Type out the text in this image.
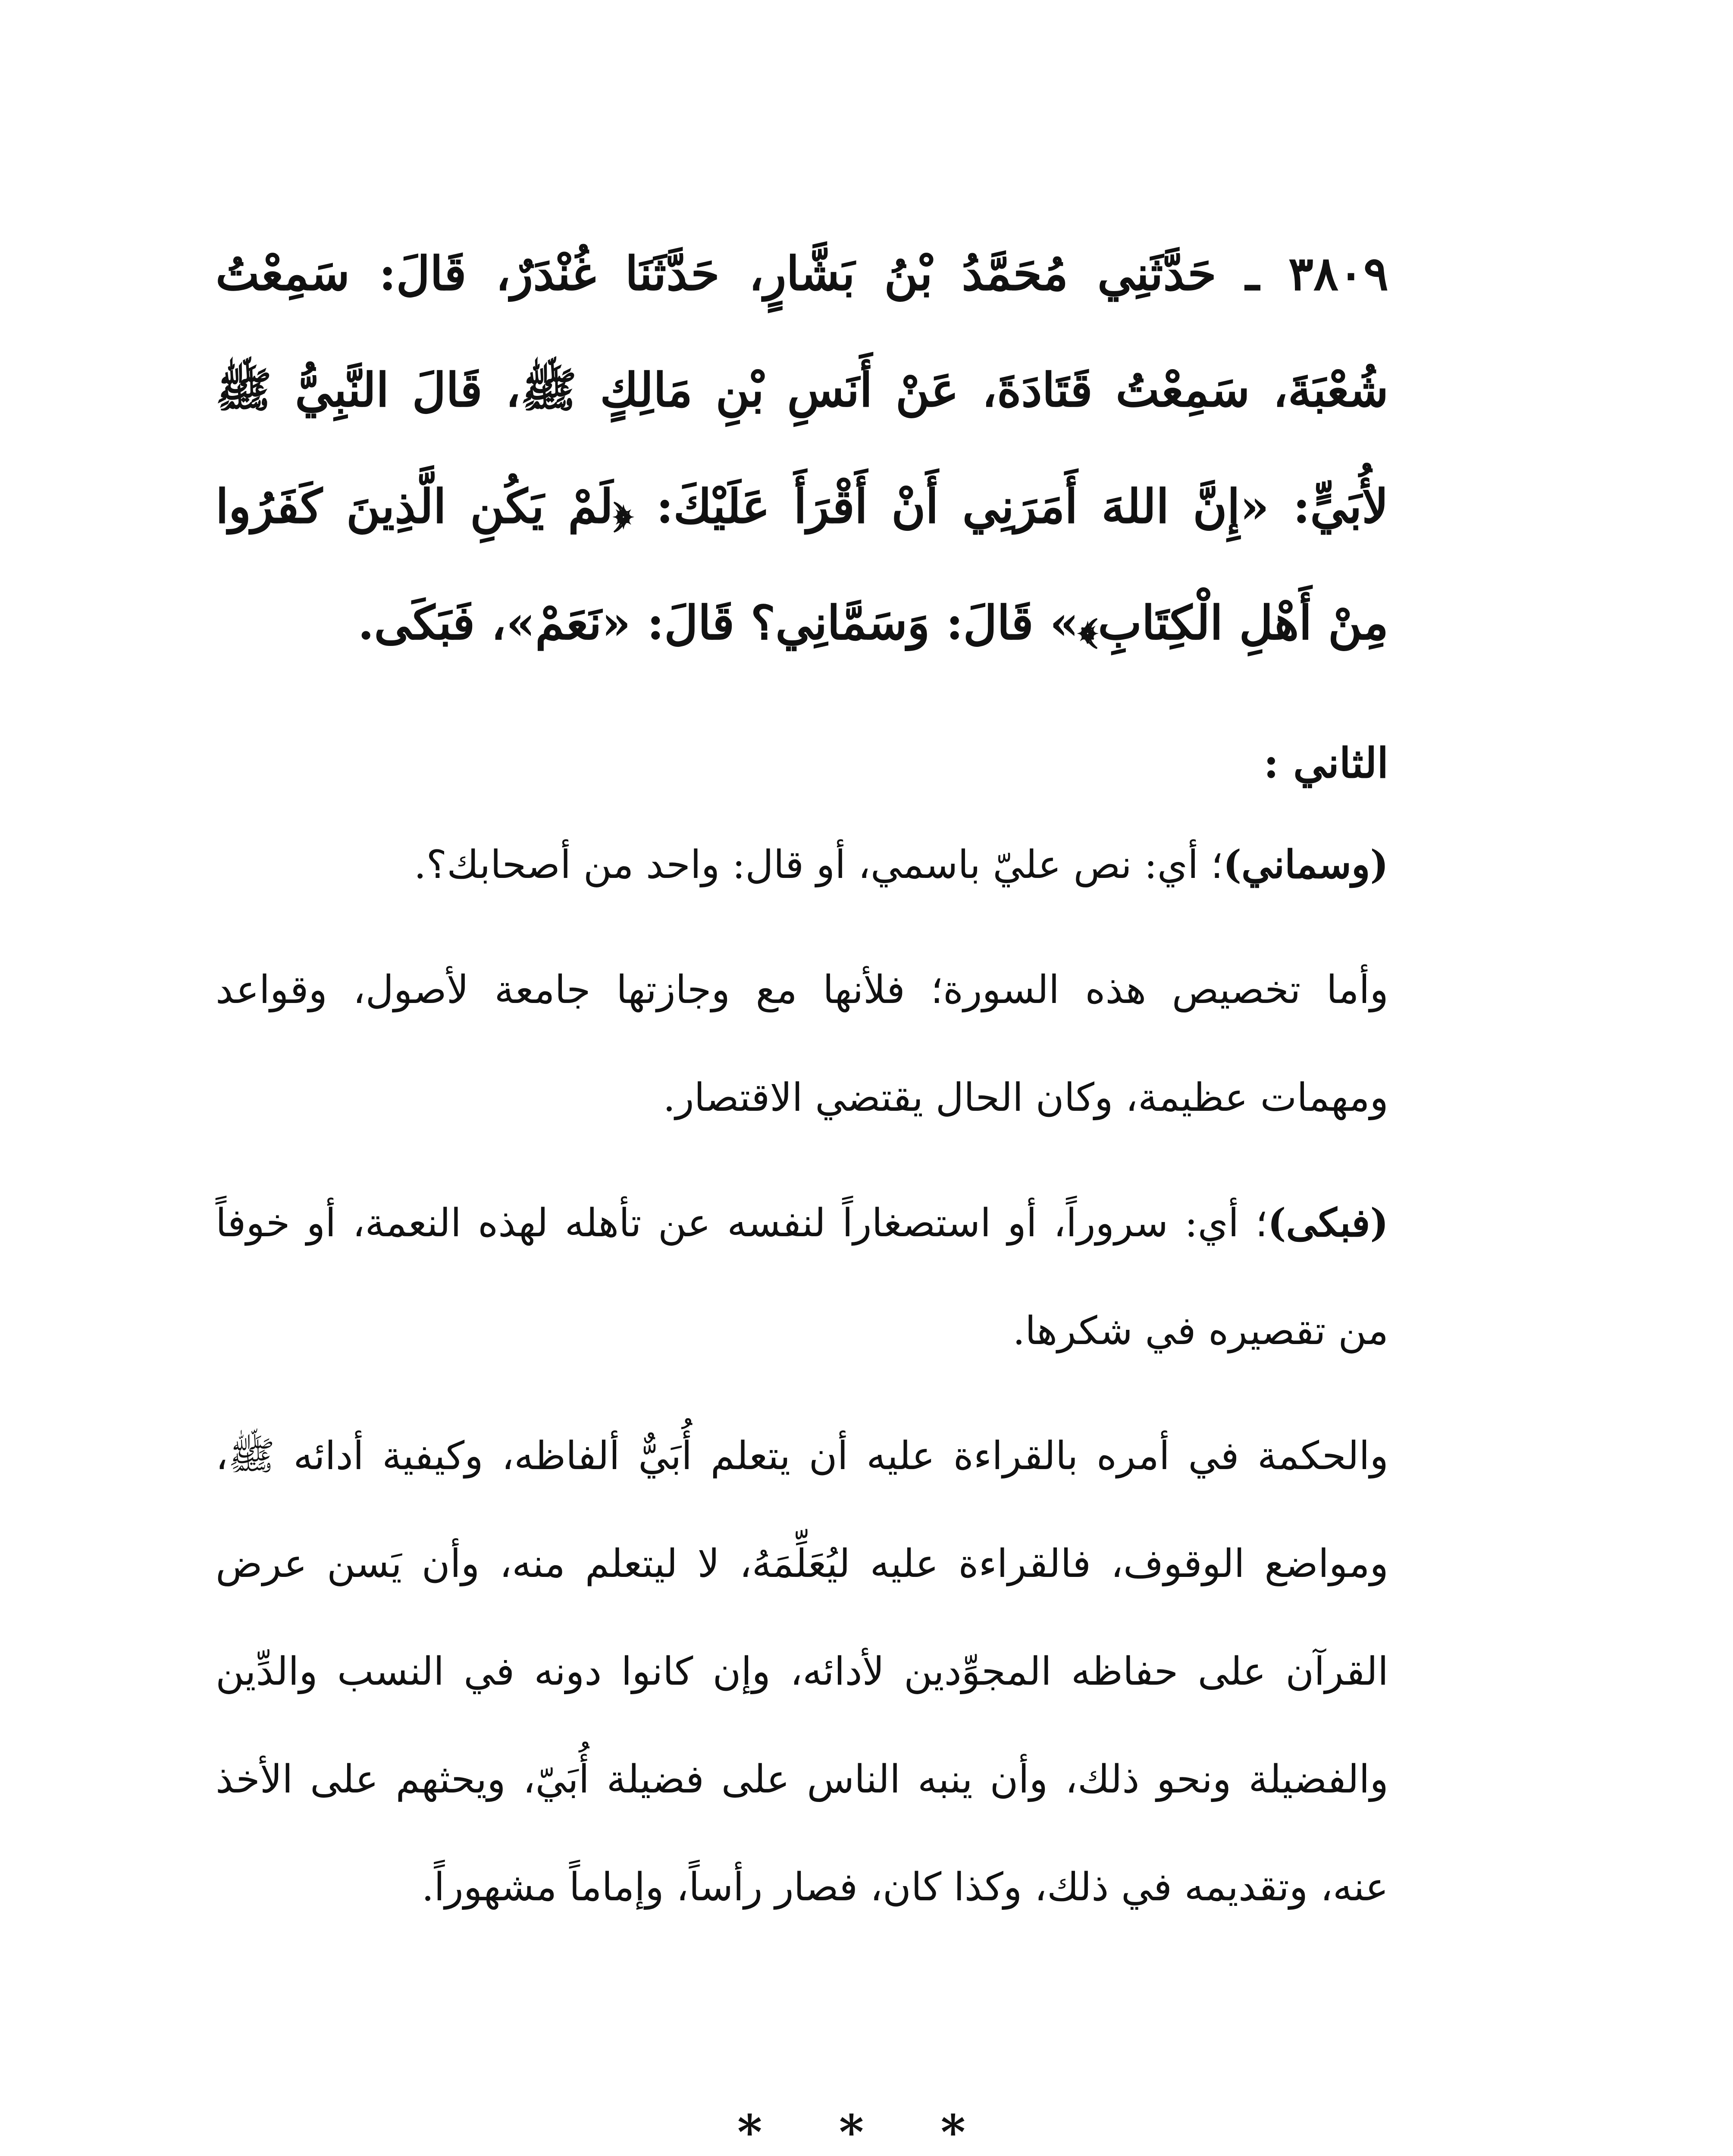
٣٨٠٩ ـ حَدَّثَنِي مُحَمَّدُ بْنُ بَشَّارٍ، حَدَّثَنَا غُنْدَرٌ، قَالَ: سَمِعْتُ شُعْبَةَ، سَمِعْتُ قَتَادَةَ، عَنْ أَنَسِ بْنِ مَالِكٍ ﷺ، قَالَ النَّبِيُّ ﷺ لأُبَيٍّ: «إِنَّ اللهَ أَمَرَنِي أَنْ أَقْرَأَ عَلَيْكَ: ﴿لَمْ يَكُنِ الَّذِينَ كَفَرُوا مِنْ أَهْلِ الْكِتَابِ﴾» قَالَ: وَسَمَّانِي؟ قَالَ: «نَعَمْ»، فَبَكَى.

الثاني :

(وسماني)؛ أي: نص عليّ باسمي، أو قال: واحد من أصحابك؟.

وأما تخصيص هذه السورة؛ فلأنها مع وجازتها جامعة لأصول، وقواعد ومهمات عظيمة، وكان الحال يقتضي الاقتصار.

(فبكى)؛ أي: سروراً، أو استصغاراً لنفسه عن تأهله لهذه النعمة، أو خوفاً من تقصيره في شكرها.

والحكمة في أمره بالقراءة عليه أن يتعلم أُبَيٌّ ألفاظه، وكيفية أدائه ﷺ، ومواضع الوقوف، فالقراءة عليه ليُعَلِّمَهُ، لا ليتعلم منه، وأن يَسن عرض القرآن على حفاظه المجوِّدين لأدائه، وإن كانوا دونه في النسب والدِّين والفضيلة ونحو ذلك، وأن ينبه الناس على فضيلة أُبَيّ، ويحثهم على الأخذ عنه، وتقديمه في ذلك، وكذا كان، فصار رأساً، وإماماً مشهوراً.

* * *
